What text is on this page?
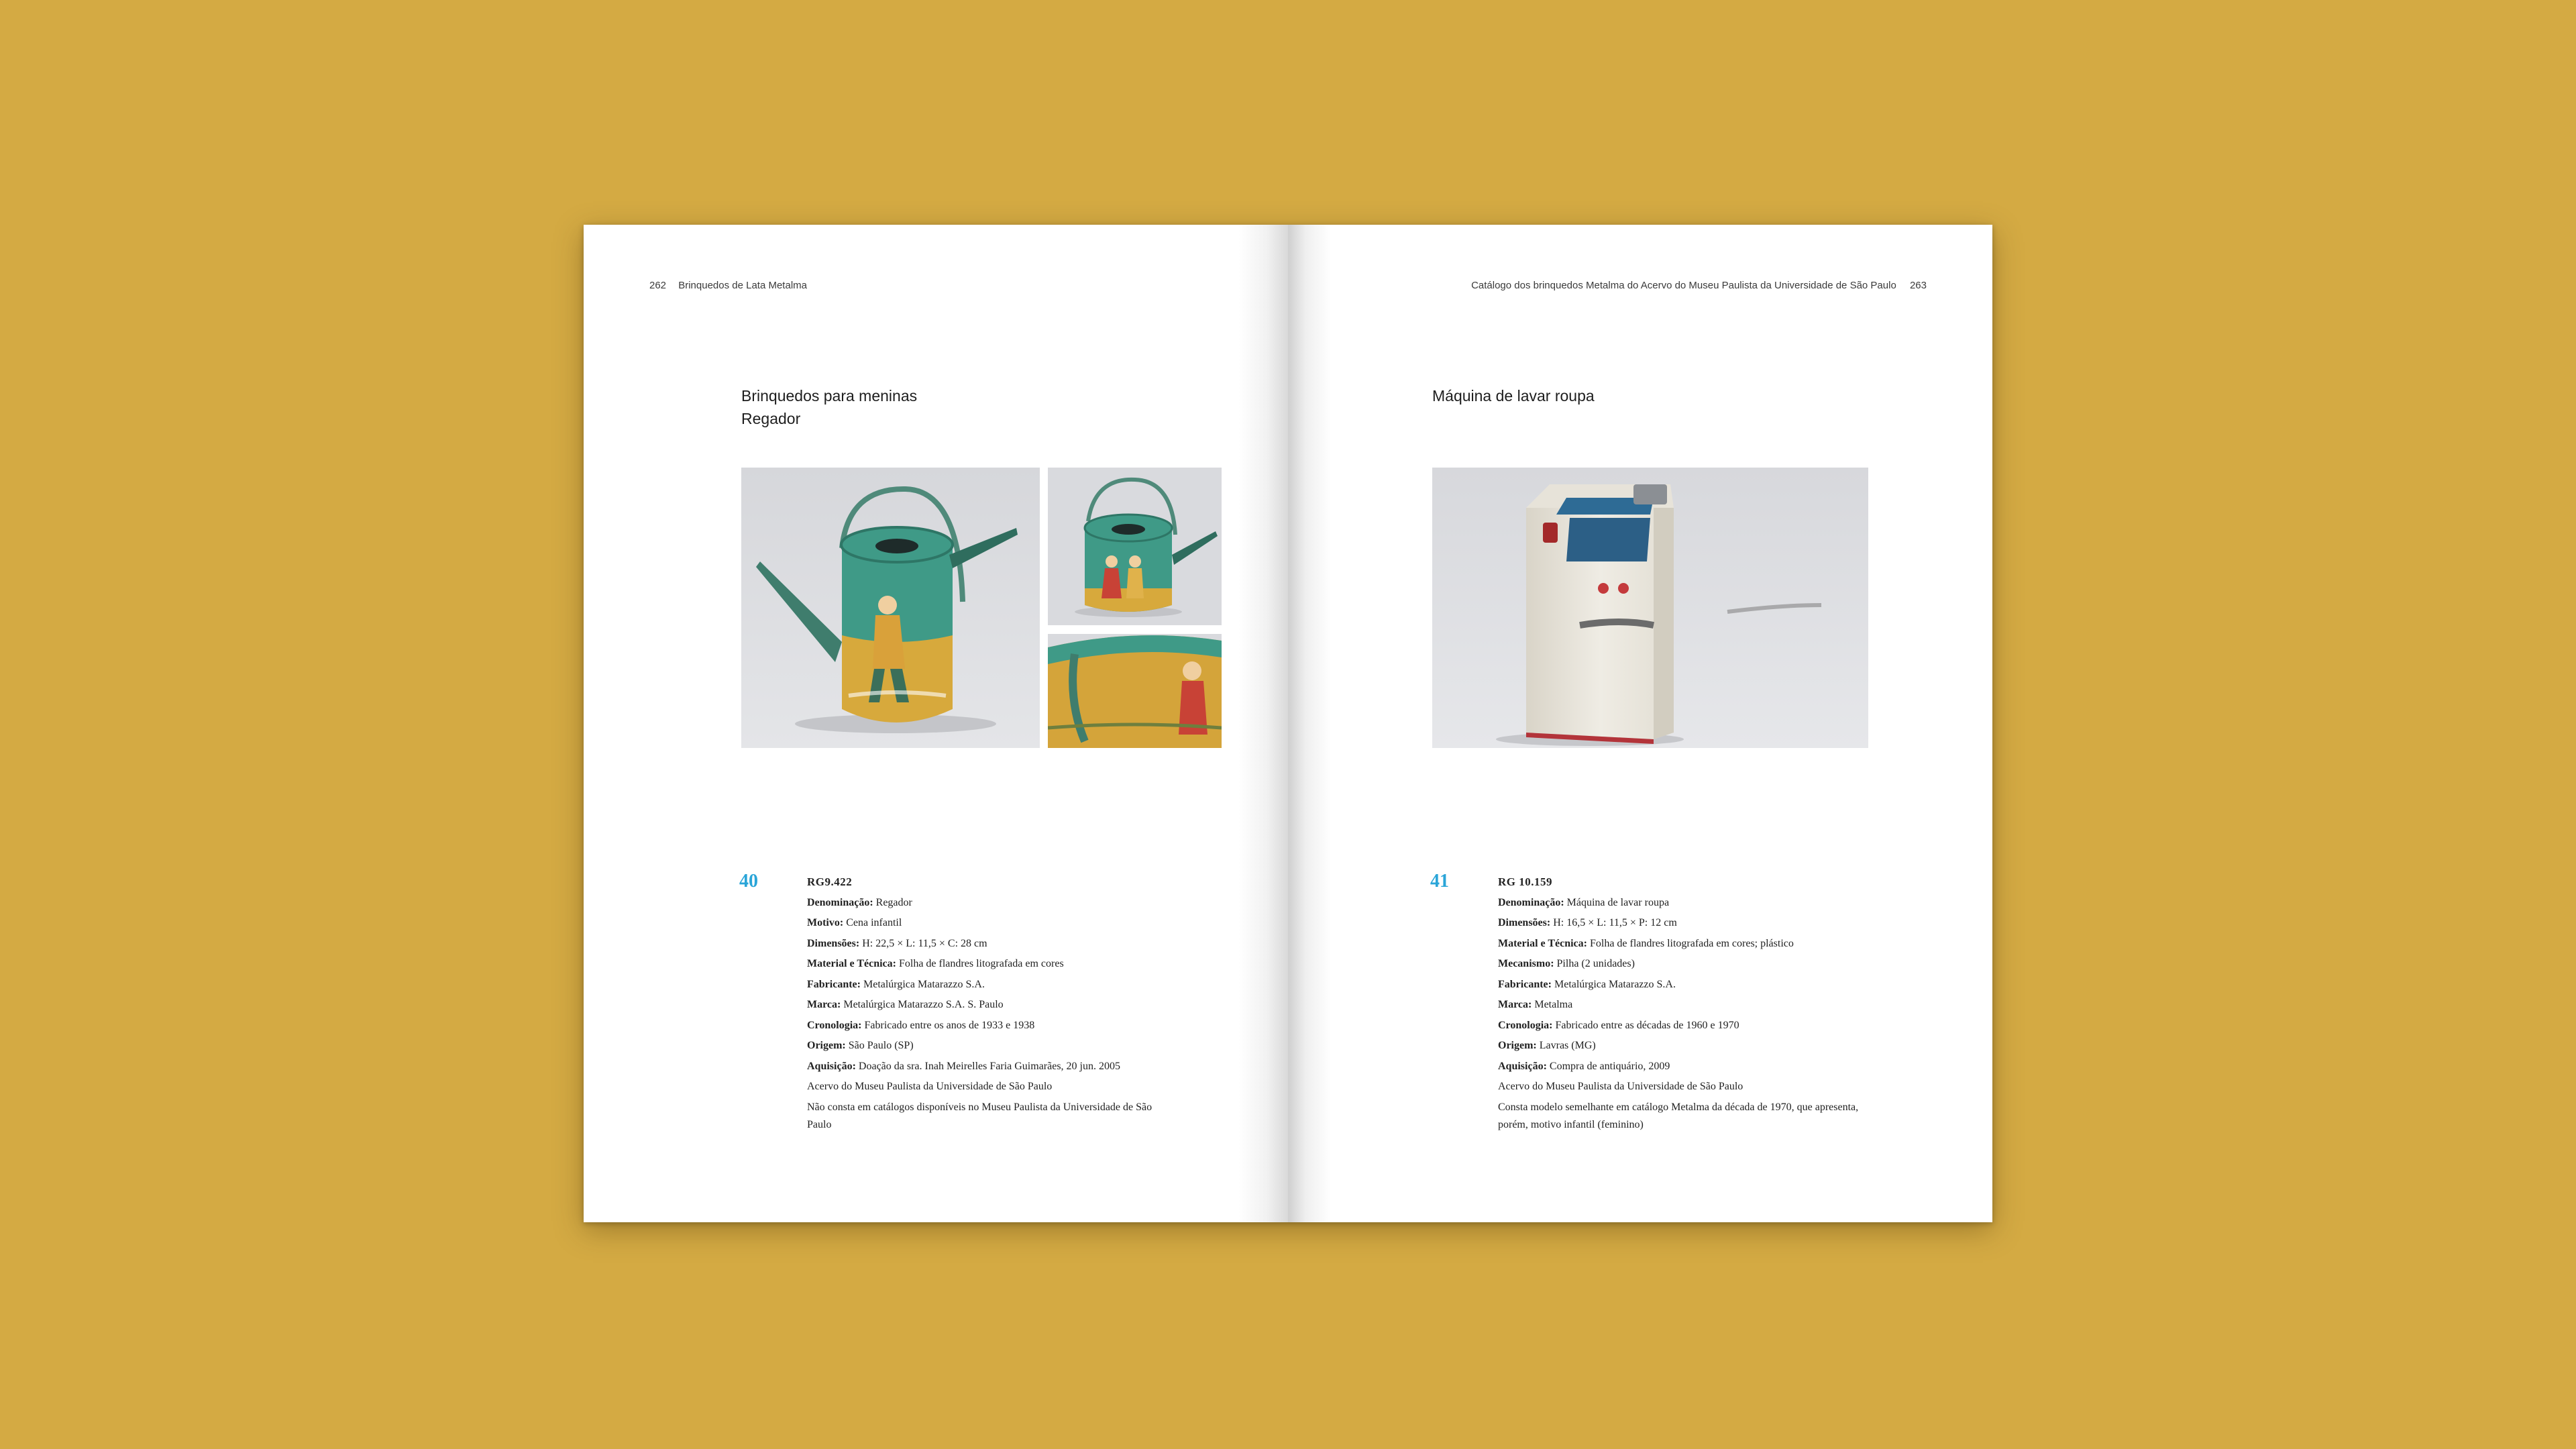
262 Brinquedos de Lata Metalma
Brinquedos para meninas
Regador
40	RG9.422
Denominação: Regador
Motivo: Cena infantil
Dimensões: H: 22,5 × L: 11,5 × C: 28 cm
Material e Técnica: Folha de flandres litografada em cores
Fabricante: Metalúrgica Matarazzo S.A.
Marca: Metalúrgica Matarazzo S.A. S. Paulo
Cronologia: Fabricado entre os anos de 1933 e 1938
Origem: São Paulo (SP)
Aquisição: Doação da sra. Inah Meirelles Faria Guimarães, 20 jun. 2005
Acervo do Museu Paulista da Universidade de São Paulo
Não consta em catálogos disponíveis no Museu Paulista da Universidade de São Paulo
Catálogo dos brinquedos Metalma do Acervo do Museu Paulista da Universidade de São Paulo 263
Máquina de lavar roupa
41	RG 10.159
Denominação: Máquina de lavar roupa
Dimensões: H: 16,5 × L: 11,5 × P: 12 cm
Material e Técnica: Folha de flandres litografada em cores; plástico
Mecanismo: Pilha (2 unidades)
Fabricante: Metalúrgica Matarazzo S.A.
Marca: Metalma
Cronologia: Fabricado entre as décadas de 1960 e 1970
Origem: Lavras (MG)
Aquisição: Compra de antiquário, 2009
Acervo do Museu Paulista da Universidade de São Paulo
Consta modelo semelhante em catálogo Metalma da década de 1970, que apresenta, porém, motivo infantil (feminino)
